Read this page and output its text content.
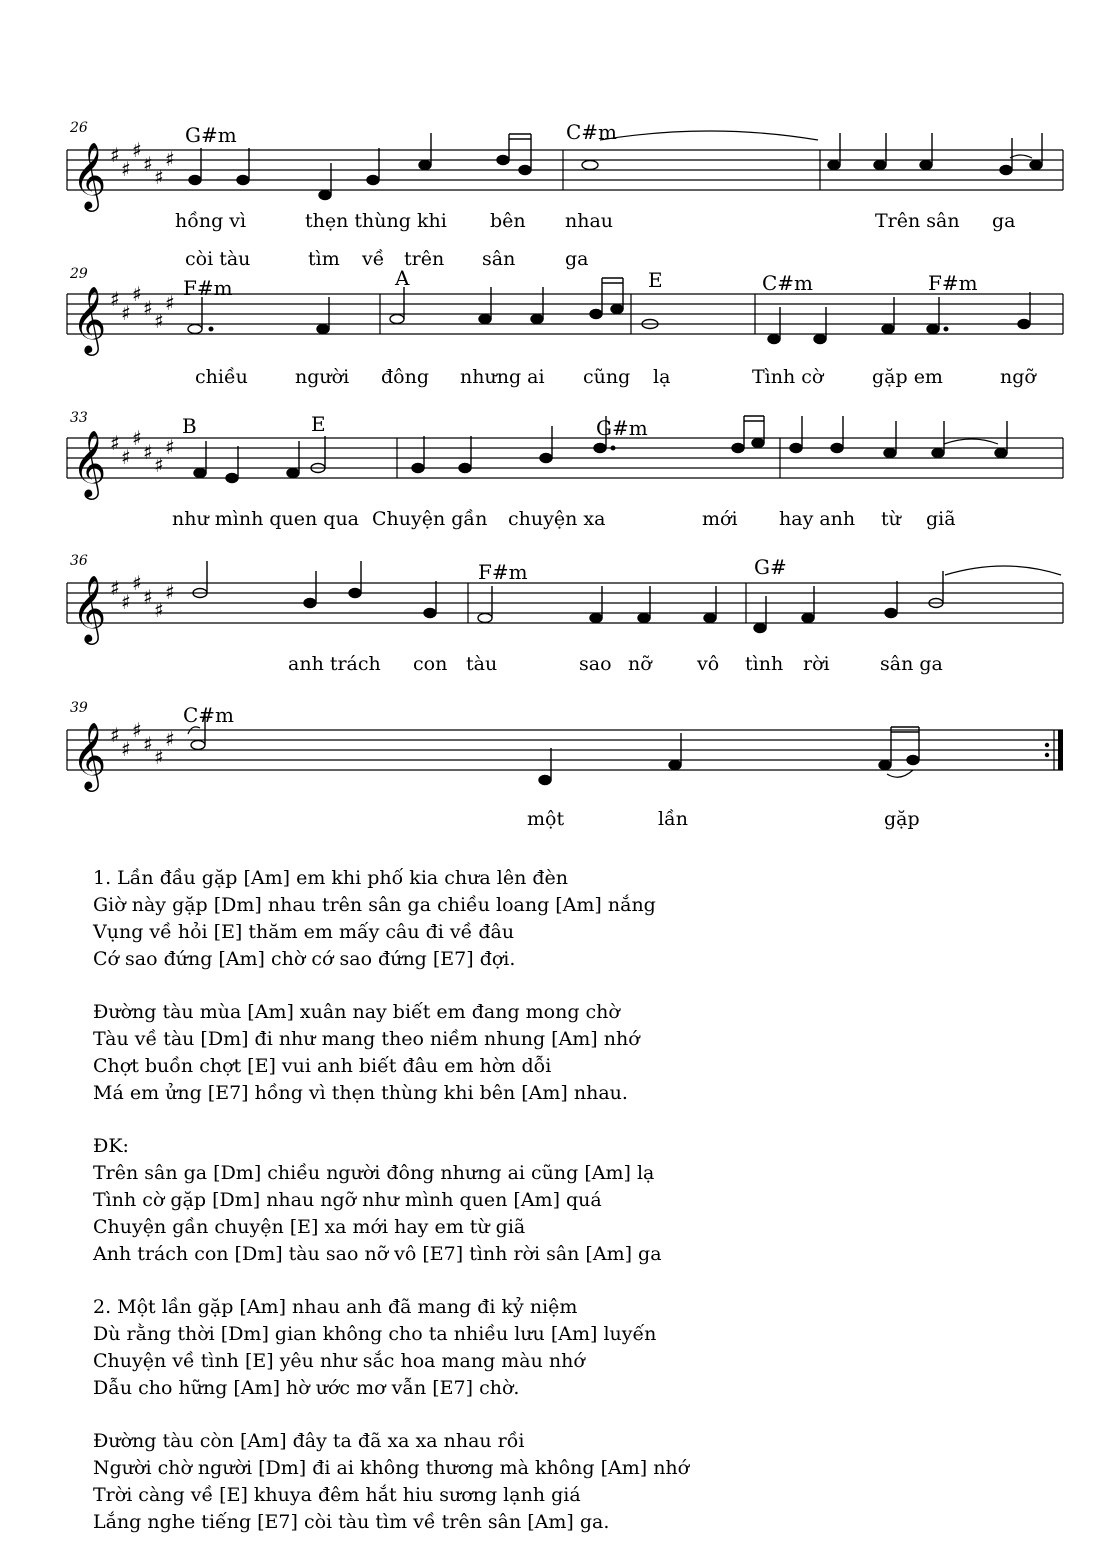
𝄞 ♯
♯
♯
♯
♯
♯
26	G#m	C#m
hồng vì	thẹn thùng khi bên nhau	Trên sân ga
còi tàu	tìm về trên sân	ga
𝄞 ♯
♯
♯
♯
♯
♯
29
F#m	A	E	C#m	F#m
chiều người đông nhưng ai cũng lạ	Tình cờ	gặp em	ngỡ
𝄞 ♯
♯
♯
♯
♯
♯
33	B	E	G#m
như mình quen qua Chuyện gần chuyện xa	mới hay anh từ giã
𝄞 ♯
♯
♯
♯
♯
♯
36	F#m	G#
anh trách con tàu	sao nỡ vô tình rời	sân ga
𝄞 ♯
♯
♯
♯
♯
♯
39	C#m
một	lần	gặp
1. Lần đầu gặp [Am] em khi phố kia chưa lên đèn
Giờ này gặp [Dm] nhau trên sân ga chiều loang [Am] nắng
Vụng về hỏi [E] thăm em mấy câu đi về đâu
Cớ sao đứng [Am] chờ cớ sao đứng [E7] đợi.
Đường tàu mùa [Am] xuân nay biết em đang mong chờ
Tàu về tàu [Dm] đi như mang theo niềm nhung [Am] nhớ
Chợt buồn chợt [E] vui anh biết đâu em hờn dỗi
Má em ửng [E7] hồng vì thẹn thùng khi bên [Am] nhau.
ĐK:
Trên sân ga [Dm] chiều người đông nhưng ai cũng [Am] lạ
Tình cờ gặp [Dm] nhau ngỡ như mình quen [Am] quá
Chuyện gần chuyện [E] xa mới hay em từ giã
Anh trách con [Dm] tàu sao nỡ vô [E7] tình rời sân [Am] ga
2. Một lần gặp [Am] nhau anh đã mang đi kỷ niệm
Dù rằng thời [Dm] gian không cho ta nhiều lưu [Am] luyến
Chuyện về tình [E] yêu như sắc hoa mang màu nhớ
Dẫu cho hững [Am] hờ ước mơ vẫn [E7] chờ.
Đường tàu còn [Am] đây ta đã xa xa nhau rồi
Người chờ người [Dm] đi ai không thương mà không [Am] nhớ
Trời càng về [E] khuya đêm hắt hiu sương lạnh giá
Lắng nghe tiếng [E7] còi tàu tìm về trên sân [Am] ga.
